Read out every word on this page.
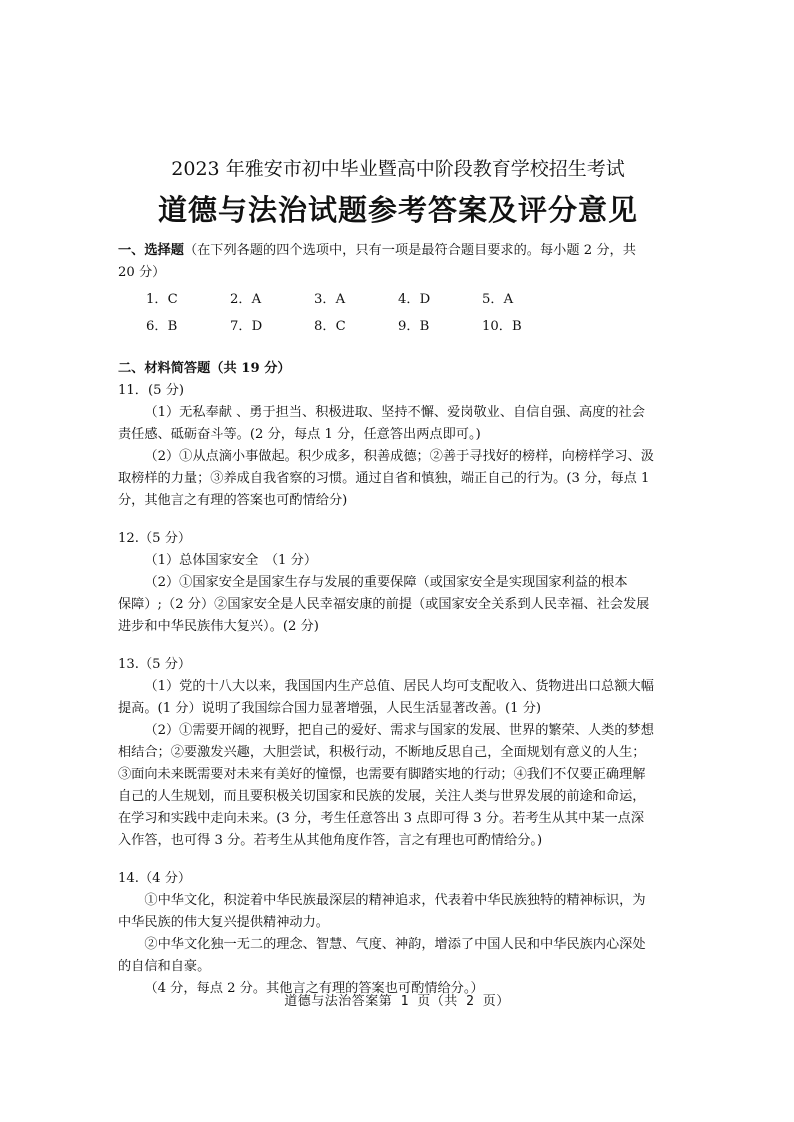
2023 年雅安市初中毕业暨高中阶段教育学校招生考试
道德与法治试题参考答案及评分意见

一、选择题（在下列各题的四个选项中，只有一项是最符合题目要求的。每小题 2 分，共

20 分）

1．C	2．A	3．A	4．D	5．A
6．B	7．D	8．C	9．B	10．B

二、材料简答题（共 19 分）

11．(5 分)

（1）无私奉献 、勇于担当、积极进取、坚持不懈、爱岗敬业、自信自强、高度的社会

责任感、砥砺奋斗等。(2 分，每点 1 分，任意答出两点即可。)

（2）①从点滴小事做起。积少成多，积善成德；②善于寻找好的榜样，向榜样学习、汲

取榜样的力量；③养成自我省察的习惯。通过自省和慎独，端正自己的行为。(3 分，每点 1

分，其他言之有理的答案也可酌情给分)

12.（5 分）

（1）总体国家安全　（1 分）

（2）①国家安全是国家生存与发展的重要保障（或国家安全是实现国家利益的根本

保障）;（2 分）②国家安全是人民幸福安康的前提（或国家安全关系到人民幸福、社会发展

进步和中华民族伟大复兴）。(2 分)

13.（5 分）

（1）党的十八大以来，我国国内生产总值、居民人均可支配收入、货物进出口总额大幅

提高。(1 分）说明了我国综合国力显著增强，人民生活显著改善。(1 分)

（2）①需要开阔的视野，把自己的爱好、需求与国家的发展、世界的繁荣、人类的梦想

相结合；②要激发兴趣，大胆尝试，积极行动，不断地反思自己，全面规划有意义的人生；

③面向未来既需要对未来有美好的憧憬，也需要有脚踏实地的行动；④我们不仅要正确理解

自己的人生规划，而且要积极关切国家和民族的发展，关注人类与世界发展的前途和命运，

在学习和实践中走向未来。(3 分，考生任意答出 3 点即可得 3 分。若考生从其中某一点深

入作答，也可得 3 分。若考生从其他角度作答，言之有理也可酌情给分。)

14.（4 分）

①中华文化，积淀着中华民族最深层的精神追求，代表着中华民族独特的精神标识，为

中华民族的伟大复兴提供精神动力。

②中华文化独一无二的理念、智慧、气度、神韵，增添了中国人民和中华民族内心深处

的自信和自豪。

（4 分，每点 2 分。其他言之有理的答案也可酌情给分。）

道德与法治答案第 1 页（共 2 页）
